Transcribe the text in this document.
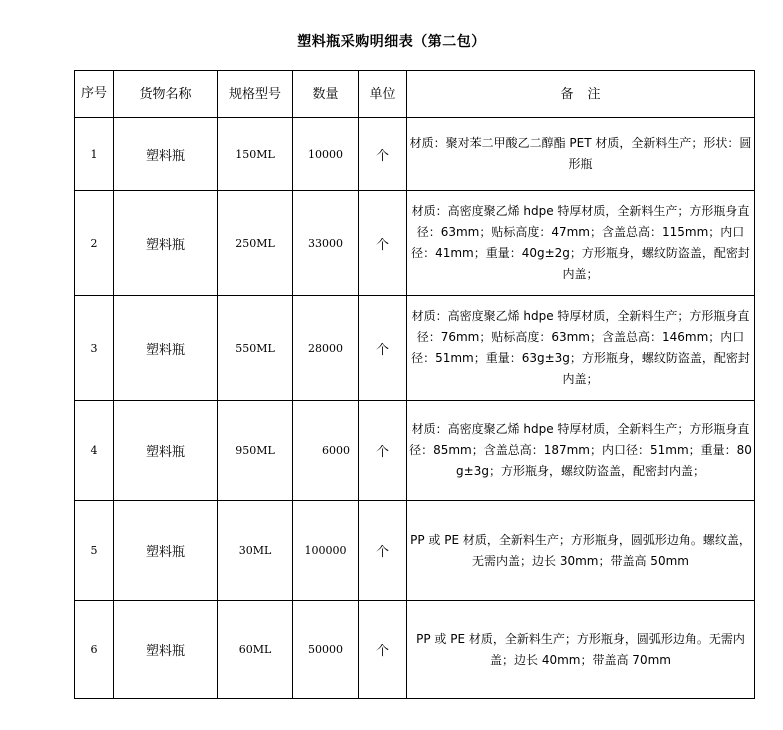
塑料瓶采购明细表（第二包）
序号	货物名称	规格型号	数量	单位	备注
1	塑料瓶	150ML	10000	个	材质：聚对苯二甲酸乙二醇酯 PET 材质，全新料生产；形状：圆形瓶
2	塑料瓶	250ML	33000	个	材质：高密度聚乙烯 hdpe 特厚材质，全新料生产；方形瓶身直径：63mm；贴标高度：47mm；含盖总高：115mm；内口径：41mm；重量：40g±2g；方形瓶身，螺纹防盗盖，配密封内盖；
3	塑料瓶	550ML	28000	个	材质：高密度聚乙烯 hdpe 特厚材质，全新料生产；方形瓶身直径：76mm；贴标高度：63mm；含盖总高：146mm；内口径：51mm；重量：63g±3g；方形瓶身，螺纹防盗盖，配密封内盖；
4	塑料瓶	950ML	6000	个	材质：高密度聚乙烯 hdpe 特厚材质，全新料生产；方形瓶身直径：85mm；含盖总高：187mm；内口径：51mm；重量：80g±3g；方形瓶身，螺纹防盗盖，配密封内盖；
5	塑料瓶	30ML	100000	个	PP 或 PE 材质，全新料生产；方形瓶身，圆弧形边角。螺纹盖，无需内盖；边长 30mm；带盖高 50mm
6	塑料瓶	60ML	50000	个	PP 或 PE 材质，全新料生产；方形瓶身，圆弧形边角。无需内盖；边长 40mm；带盖高 70mm
